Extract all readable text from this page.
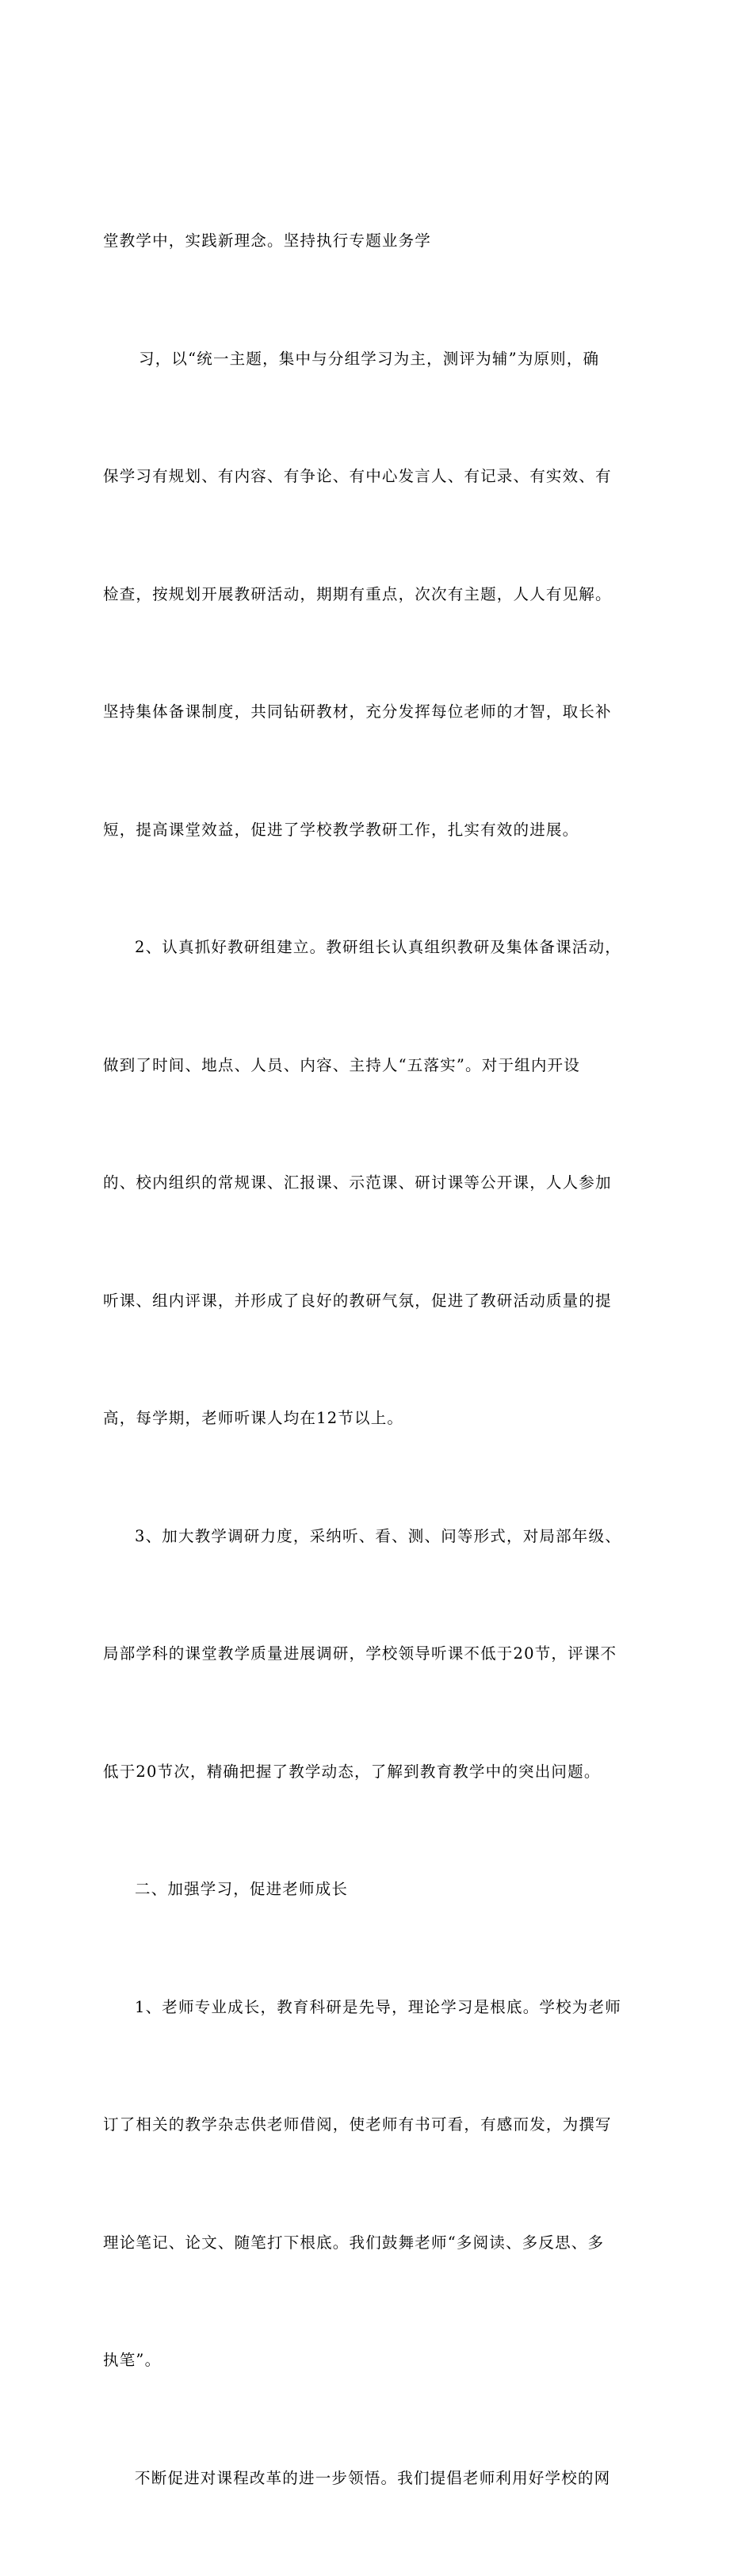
堂教学中，实践新理念。坚持执行专题业务学

习，以“统一主题，集中与分组学习为主，测评为辅”为原则，确

保学习有规划、有内容、有争论、有中心发言人、有记录、有实效、有

检查，按规划开展教研活动，期期有重点，次次有主题，人人有见解。

坚持集体备课制度，共同钻研教材，充分发挥每位老师的才智，取长补

短，提高课堂效益，促进了学校教学教研工作，扎实有效的进展。

2、认真抓好教研组建立。教研组长认真组织教研及集体备课活动，

做到了时间、地点、人员、内容、主持人“五落实”。对于组内开设

的、校内组织的常规课、汇报课、示范课、研讨课等公开课，人人参加

听课、组内评课，并形成了良好的教研气氛，促进了教研活动质量的提

高，每学期，老师听课人均在12节以上。

3、加大教学调研力度，采纳听、看、测、问等形式，对局部年级、

局部学科的课堂教学质量进展调研，学校领导听课不低于20节，评课不

低于20节次，精确把握了教学动态，了解到教育教学中的突出问题。

二、加强学习，促进老师成长

1、老师专业成长，教育科研是先导，理论学习是根底。学校为老师

订了相关的教学杂志供老师借阅，使老师有书可看，有感而发，为撰写

理论笔记、论文、随笔打下根底。我们鼓舞老师“多阅读、多反思、多

执笔”。

不断促进对课程改革的进一步领悟。我们提倡老师利用好学校的网
